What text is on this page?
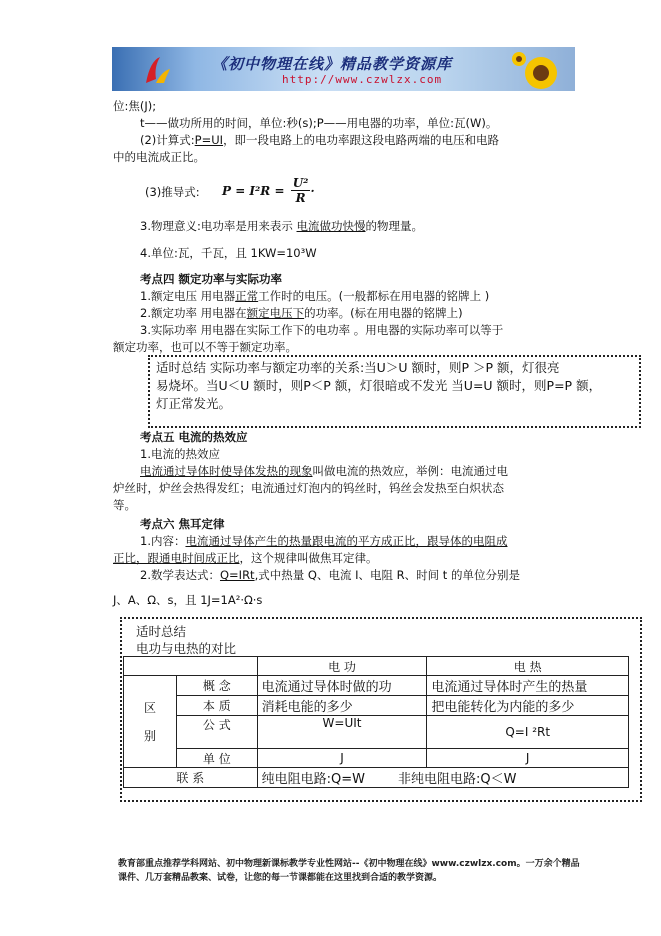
《初中物理在线》精品教学资源库
http://www.czwlzx.com
位:焦(J);
t——做功所用的时间，单位:秒(s);P——用电器的功率，单位:瓦(W)。
(2)计算式:P=UI，即一段电路上的电功率跟这段电路两端的电压和电路
中的电流成正比。
(3)推导式: $P = I^2R = \frac{\text{U²}}{R}$ ·
3.物理意义:电功率是用来表示 电流做功快慢的物理量。
4.单位:瓦，千瓦，且 1KW=10³W
考点四 额定功率与实际功率
1.额定电压 用电器正常工作时的电压。(一般都标在用电器的铭牌上 )
2.额定功率 用电器在额定电压下的功率。(标在用电器的铭牌上)
3.实际功率 用电器在实际工作下的电功率 。用电器的实际功率可以等于
额定功率，也可以不等于额定功率。
适时总结 实际功率与额定功率的关系:当U＞U 额时，则P ＞P 额，灯很亮
易烧坏。当U＜U 额时，则P＜P 额，灯很暗或不发光 当U=U 额时，则P=P 额，
灯正常发光。
考点五 电流的热效应
1.电流的热效应
电流通过导体时使导体发热的现象叫做电流的热效应，举例：电流通过电
炉丝时，炉丝会热得发红；电流通过灯泡内的钨丝时，钨丝会发热至白炽状态
等。
考点六 焦耳定律
1.内容：电流通过导体产生的热量跟电流的平方成正比，跟导体的电阻成
正比，跟通电时间成正比，这个规律叫做焦耳定律。
2.数学表达式：Q=IRt,式中热量 Q、电流 I、电阻 R、时间 t 的单位分别是
J、A、Ω、s，且 1J=1A²·Ω·s
适时总结
电功与电热的对比
		电 功	电 热
区

别	概 念	电流通过导体时做的功	电流通过导体时产生的热量
	本 质	消耗电能的多少	把电能转化为内能的多少
	公 式	W=UIt	Q=I ²Rt
	单 位	J	J
联 系		纯电阻电路:Q=W        非纯电阻电路:Q＜W	
教育部重点推荐学科网站、初中物理新课标教学专业性网站--《初中物理在线》www.czwlzx.com。一万余个精品课件、几万套精品教案、试卷，让您的每一节课都能在这里找到合适的教学资源。
